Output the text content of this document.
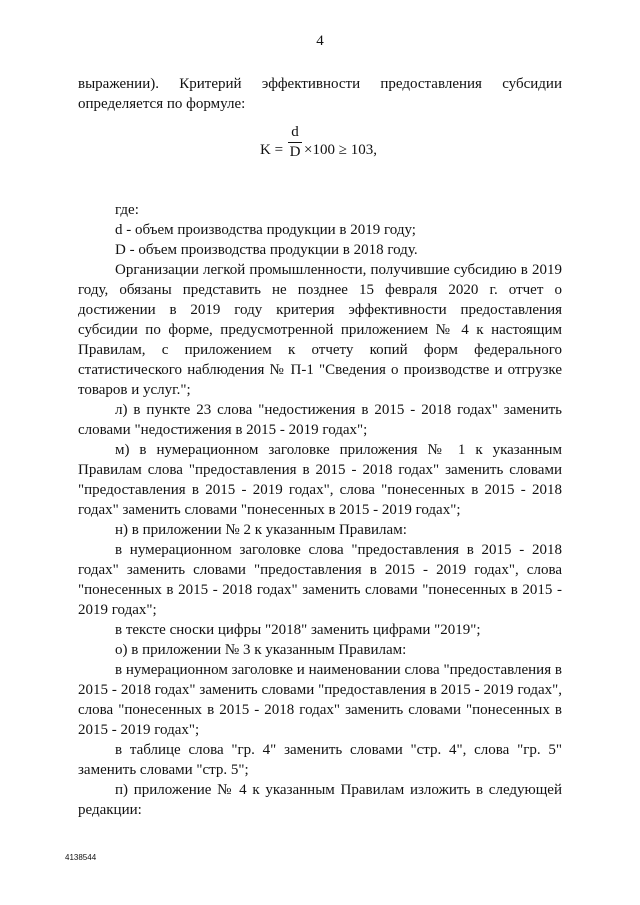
4

выражении). Критерий эффективности предоставления субсидии определяется по формуле:

K =
d
D ×100 ≥ 103,

где:

d - объем производства продукции в 2019 году;

D - объем производства продукции в 2018 году.

Организации легкой промышленности, получившие субсидию в 2019 году, обязаны представить не позднее 15 февраля 2020 г. отчет о достижении в 2019 году критерия эффективности предоставления субсидии по форме, предусмотренной приложением № 4 к настоящим Правилам, с приложением к отчету копий форм федерального статистического наблюдения № П-1 "Сведения о производстве и отгрузке товаров и услуг.";

л) в пункте 23 слова "недостижения в 2015 - 2018 годах" заменить словами "недостижения в 2015 - 2019 годах";

м) в нумерационном заголовке приложения № 1 к указанным Правилам слова "предоставления в 2015 - 2018 годах" заменить словами "предоставления в 2015 - 2019 годах", слова "понесенных в 2015 - 2018 годах" заменить словами "понесенных в 2015 - 2019 годах";

н) в приложении № 2 к указанным Правилам:

в нумерационном заголовке слова "предоставления в 2015 - 2018 годах" заменить словами "предоставления в 2015 - 2019 годах", слова "понесенных в 2015 - 2018 годах" заменить словами "понесенных в 2015 - 2019 годах";

в тексте сноски цифры "2018" заменить цифрами "2019";

о) в приложении № 3 к указанным Правилам:

в нумерационном заголовке и наименовании слова "предоставления в 2015 - 2018 годах" заменить словами "предоставления в 2015 - 2019 годах", слова "понесенных в 2015 - 2018 годах" заменить словами "понесенных в 2015 - 2019 годах";

в таблице слова "гр. 4" заменить словами "стр. 4", слова "гр. 5" заменить словами "стр. 5";

п) приложение № 4 к указанным Правилам изложить в следующей редакции:

4138544
